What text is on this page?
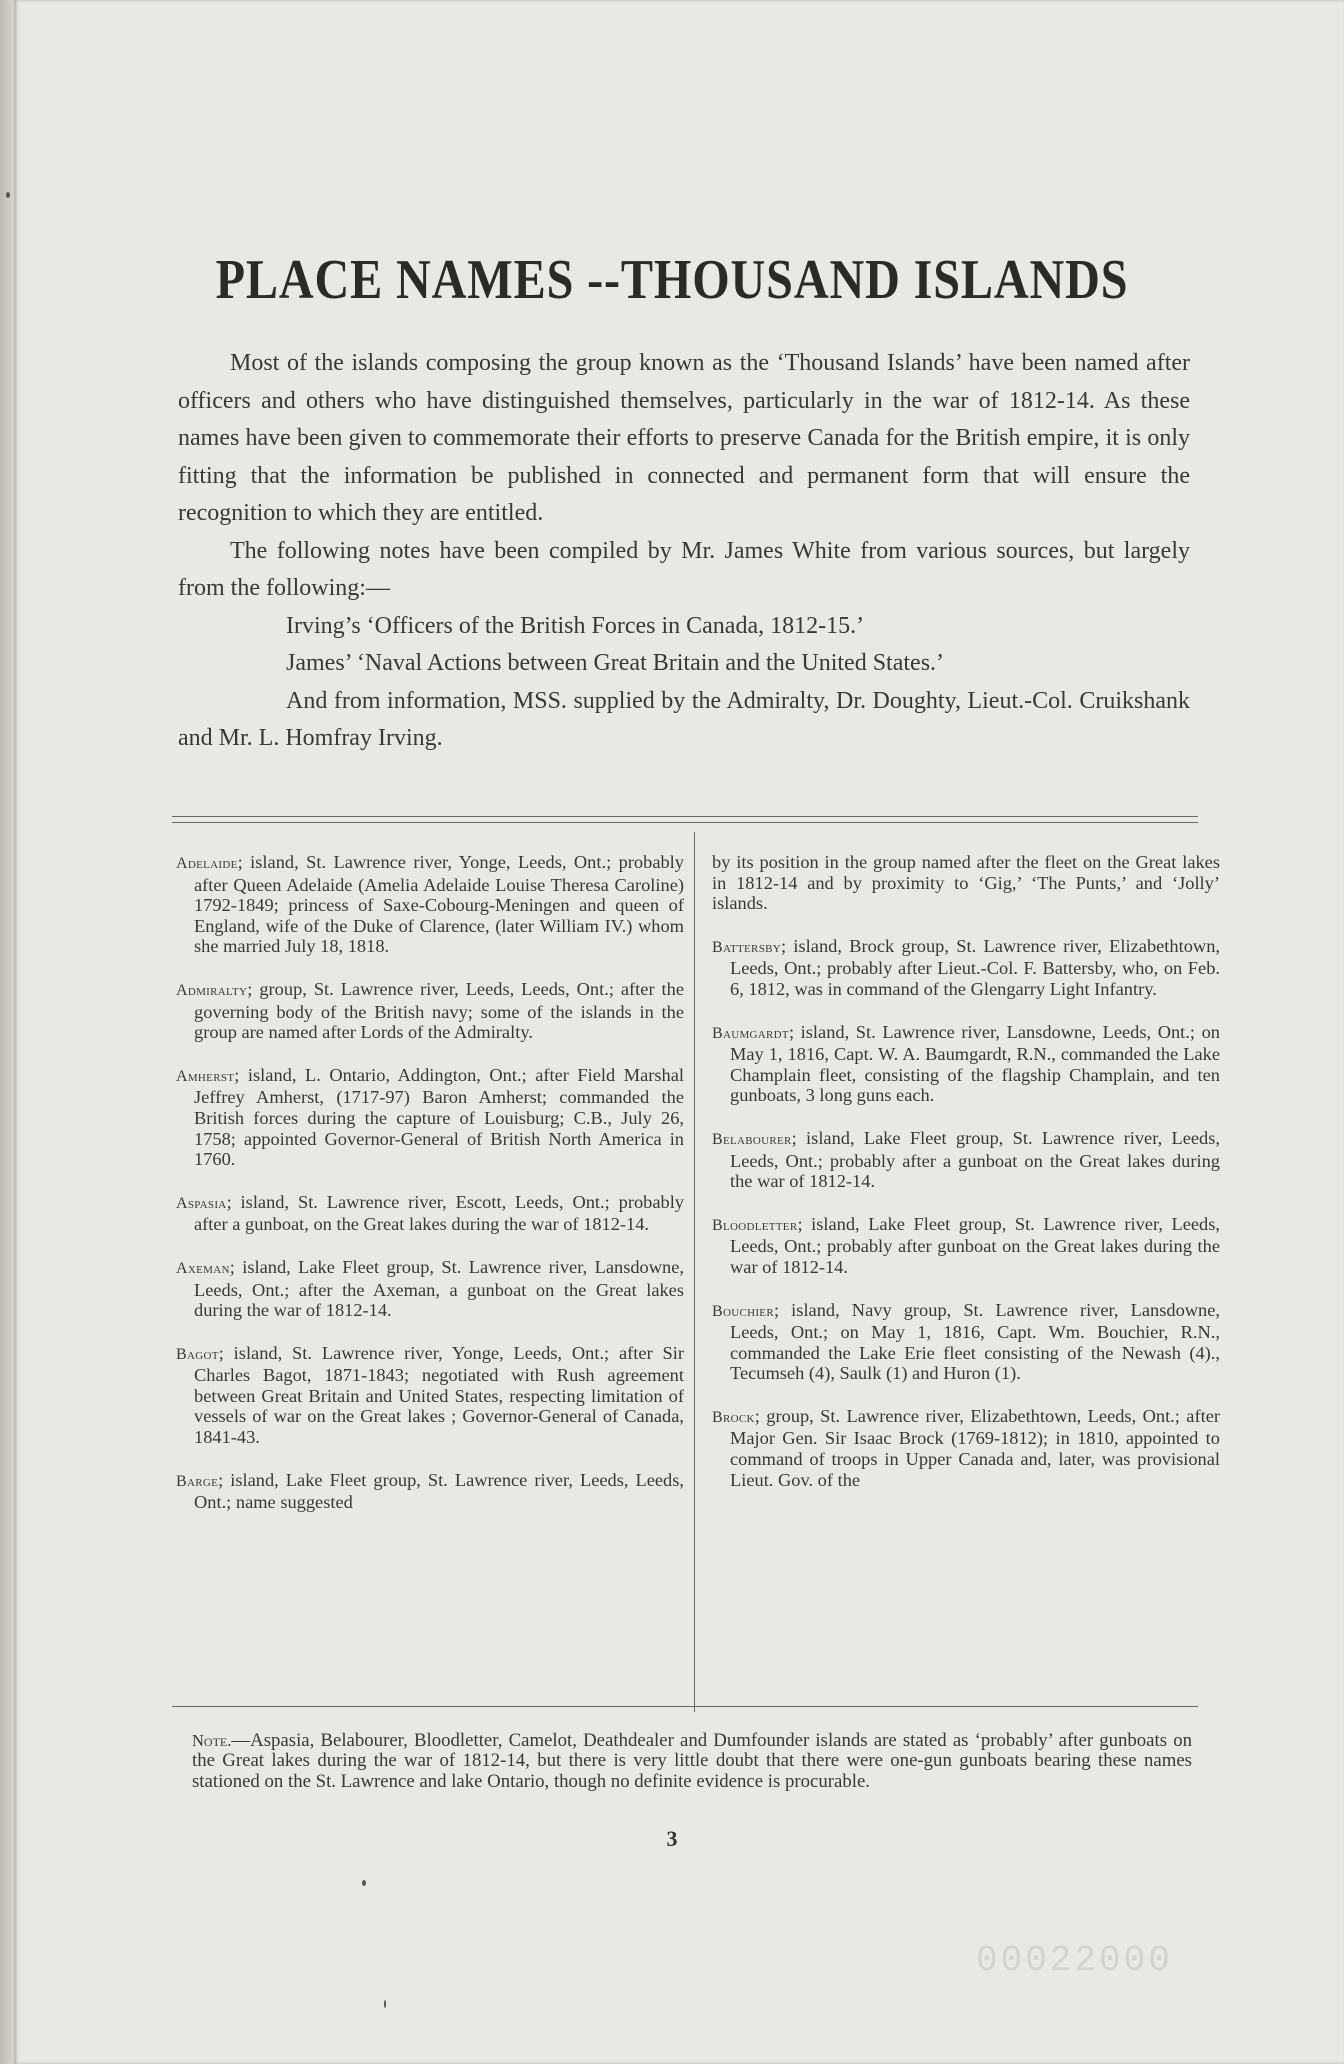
PLACE NAMES --THOUSAND ISLANDS

Most of the islands composing the group known as the ‘Thousand Islands’ have been named after officers and others who have distinguished themselves, particularly in the war of 1812-14. As these names have been given to commemorate their efforts to preserve Canada for the British empire, it is only fitting that the information be published in connected and permanent form that will ensure the recognition to which they are entitled.

The following notes have been compiled by Mr. James White from various sources, but largely from the following:—

Irving’s ‘Officers of the British Forces in Canada, 1812-15.’

James’ ‘Naval Actions between Great Britain and the United States.’

And from information, MSS. supplied by the Admiralty, Dr. Doughty, Lieut.-Col. Cruikshank and Mr. L. Homfray Irving.

Adelaide; island, St. Lawrence river, Yonge, Leeds, Ont.; probably after Queen Adelaide (Amelia Adelaide Louise Theresa Caroline) 1792-1849; princess of Saxe-Cobourg-Meningen and queen of England, wife of the Duke of Clarence, (later William IV.) whom she married July 18, 1818.

Admiralty; group, St. Lawrence river, Leeds, Leeds, Ont.; after the governing body of the British navy; some of the islands in the group are named after Lords of the Admiralty.

Amherst; island, L. Ontario, Addington, Ont.; after Field Marshal Jeffrey Amherst, (1717-97) Baron Amherst; commanded the British forces during the capture of Louisburg; C.B., July 26, 1758; appointed Governor-General of British North America in 1760.

Aspasia; island, St. Lawrence river, Escott, Leeds, Ont.; probably after a gunboat, on the Great lakes during the war of 1812-14.

Axeman; island, Lake Fleet group, St. Lawrence river, Lansdowne, Leeds, Ont.; after the Axeman, a gunboat on the Great lakes during the war of 1812-14.

Bagot; island, St. Lawrence river, Yonge, Leeds, Ont.; after Sir Charles Bagot, 1871-1843; negotiated with Rush agreement between Great Britain and United States, respecting limitation of vessels of war on the Great lakes ; Governor-General of Canada, 1841-43.

Barge; island, Lake Fleet group, St. Lawrence river, Leeds, Leeds, Ont.; name suggested

by its position in the group named after the fleet on the Great lakes in 1812-14 and by proximity to ‘Gig,’ ‘The Punts,’ and ‘Jolly’ islands.

Battersby; island, Brock group, St. Lawrence river, Elizabethtown, Leeds, Ont.; probably after Lieut.-Col. F. Battersby, who, on Feb. 6, 1812, was in command of the Glengarry Light Infantry.

Baumgardt; island, St. Lawrence river, Lansdowne, Leeds, Ont.; on May 1, 1816, Capt. W. A. Baumgardt, R.N., commanded the Lake Champlain fleet, consisting of the flagship Champlain, and ten gunboats, 3 long guns each.

Belabourer; island, Lake Fleet group, St. Lawrence river, Leeds, Leeds, Ont.; probably after a gunboat on the Great lakes during the war of 1812-14.

Bloodletter; island, Lake Fleet group, St. Lawrence river, Leeds, Leeds, Ont.; probably after gunboat on the Great lakes during the war of 1812-14.

Bouchier; island, Navy group, St. Lawrence river, Lansdowne, Leeds, Ont.; on May 1, 1816, Capt. Wm. Bouchier, R.N., commanded the Lake Erie fleet consisting of the Newash (4)., Tecumseh (4), Saulk (1) and Huron (1).

Brock; group, St. Lawrence river, Elizabethtown, Leeds, Ont.; after Major Gen. Sir Isaac Brock (1769-1812); in 1810, appointed to command of troops in Upper Canada and, later, was provisional Lieut. Gov. of the

Note.—Aspasia, Belabourer, Bloodletter, Camelot, Deathdealer and Dumfounder islands are stated as ‘probably’ after gunboats on the Great lakes during the war of 1812-14, but there is very little doubt that there were one-gun gunboats bearing these names stationed on the St. Lawrence and lake Ontario, though no definite evidence is procurable.

3
00022000
